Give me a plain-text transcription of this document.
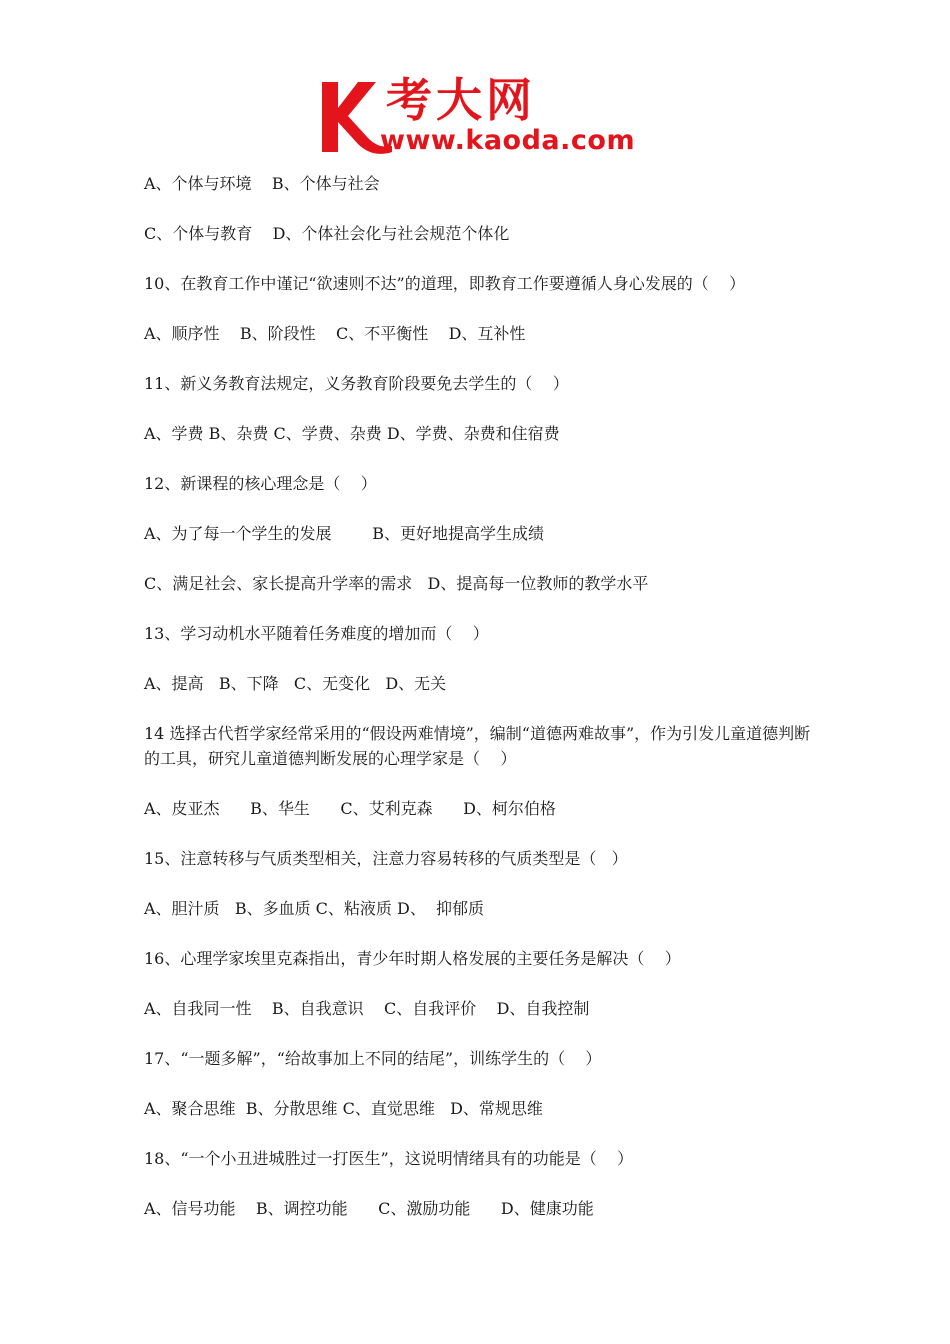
考大网
www.kaoda.com
A、个体与环境    B、个体与社会
C、个体与教育    D、个体社会化与社会规范个体化
10、在教育工作中谨记“欲速则不达”的道理，即教育工作要遵循人身心发展的（    ）
A、顺序性    B、阶段性    C、不平衡性    D、互补性
11、新义务教育法规定，义务教育阶段要免去学生的（    ）
A、学费 B、杂费 C、学费、杂费 D、学费、杂费和住宿费
12、新课程的核心理念是（    ）
A、为了每一个学生的发展        B、更好地提高学生成绩
C、满足社会、家长提高升学率的需求   D、提高每一位教师的教学水平
13、学习动机水平随着任务难度的增加而（    ）
A、提高   B、下降   C、无变化   D、无关
14 选择古代哲学家经常采用的“假设两难情境”，编制“道德两难故事”，作为引发儿童道德判断的工具，研究儿童道德判断发展的心理学家是（    ）
A、皮亚杰      B、华生      C、艾利克森      D、柯尔伯格
15、注意转移与气质类型相关，注意力容易转移的气质类型是（   ）
A、胆汁质   B、多血质 C、粘液质 D、  抑郁质
16、心理学家埃里克森指出，青少年时期人格发展的主要任务是解决（    ）
A、自我同一性    B、自我意识    C、自我评价    D、自我控制
17、“一题多解”，“给故事加上不同的结尾”，训练学生的（    ）
A、聚合思维  B、分散思维 C、直觉思维   D、常规思维
18、“一个小丑进城胜过一打医生”，这说明情绪具有的功能是（    ）
A、信号功能    B、调控功能      C、激励功能      D、健康功能
